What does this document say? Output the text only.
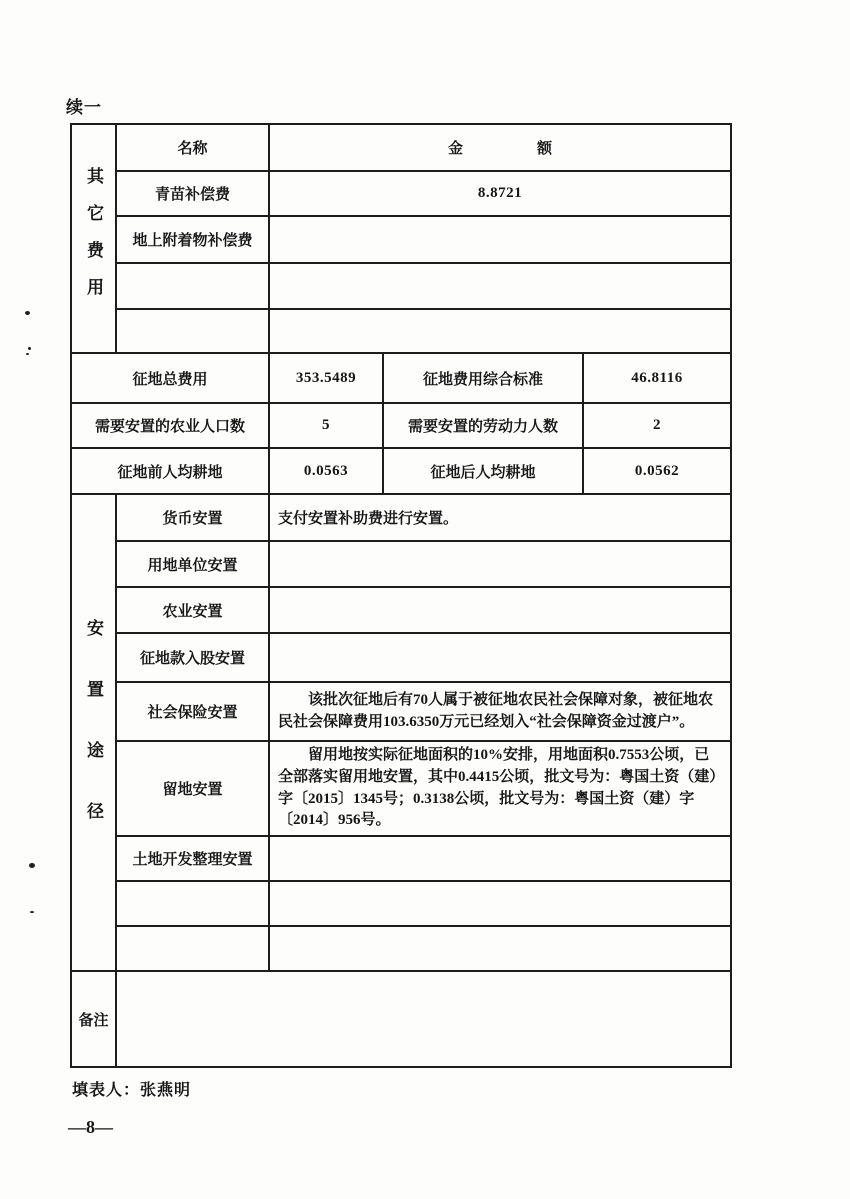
续一
其它费用	名称	金 额		

	青苗补偿费	8.8721		
	地上附着物补偿费			

征地总费用		353.5489	征地费用综合标准	46.8116
需要安置的农业人口数		5	需要安置的劳动力人数	2
征地前人均耕地		0.0563	征地后人均耕地	0.0562
安置途径	货币安置	支付安置补助费进行安置。		
	用地单位安置			
	农业安置			
	征地款入股安置			
	社会保险安置	该批次征地后有70人属于被征地农民社会保障对象，被征地农民社会保障费用103.6350万元已经划入“社会保障资金过渡户”。		
	留地安置	留用地按实际征地面积的10%安排，用地面积0.7553公顷，已全部落实留用地安置，其中0.4415公顷，批文号为：粤国土资（建）字〔2015〕1345号；0.3138公顷，批文号为：粤国土资（建）字〔2014〕956号。		
	土地开发整理安置			

备注				
填表人：张燕明
—8—
